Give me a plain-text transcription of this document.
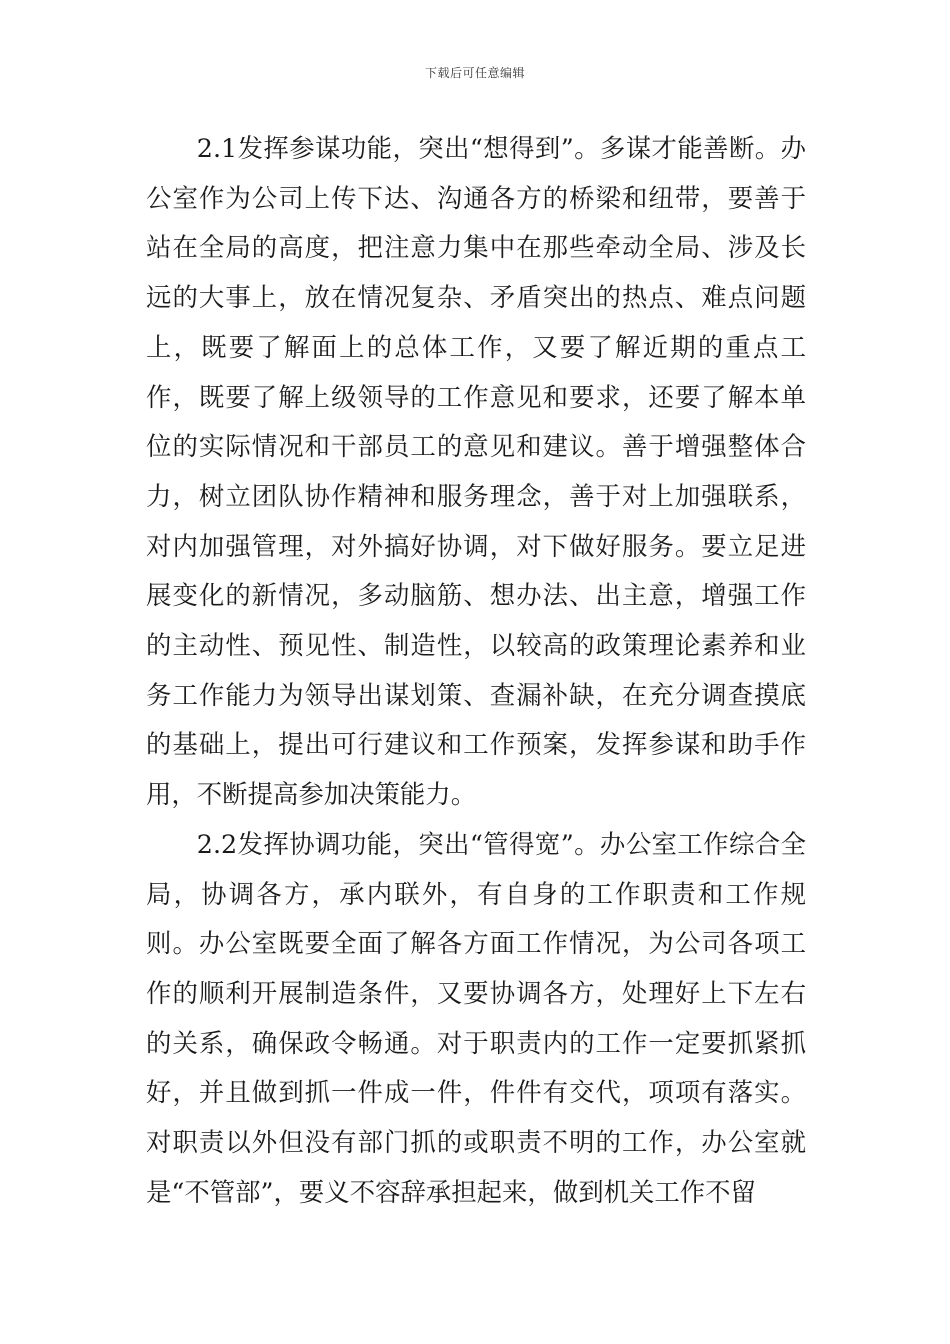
下载后可任意编辑

2.1发挥参谋功能，突出“想得到”。多谋才能善断。办公室作为公司上传下达、沟通各方的桥梁和纽带，要善于站在全局的高度，把注意力集中在那些牵动全局、涉及长远的大事上，放在情况复杂、矛盾突出的热点、难点问题上，既要了解面上的总体工作，又要了解近期的重点工作，既要了解上级领导的工作意见和要求，还要了解本单位的实际情况和干部员工的意见和建议。善于增强整体合力，树立团队协作精神和服务理念，善于对上加强联系，对内加强管理，对外搞好协调，对下做好服务。要立足进展变化的新情况，多动脑筋、想办法、出主意，增强工作的主动性、预见性、制造性，以较高的政策理论素养和业务工作能力为领导出谋划策、查漏补缺，在充分调查摸底的基础上，提出可行建议和工作预案，发挥参谋和助手作用，不断提高参加决策能力。

2.2发挥协调功能，突出“管得宽”。办公室工作综合全局，协调各方，承内联外，有自身的工作职责和工作规则。办公室既要全面了解各方面工作情况，为公司各项工作的顺利开展制造条件，又要协调各方，处理好上下左右的关系，确保政令畅通。对于职责内的工作一定要抓紧抓好，并且做到抓一件成一件，件件有交代，项项有落实。对职责以外但没有部门抓的或职责不明的工作，办公室就是“不管部”，要义不容辞承担起来，做到机关工作不留
